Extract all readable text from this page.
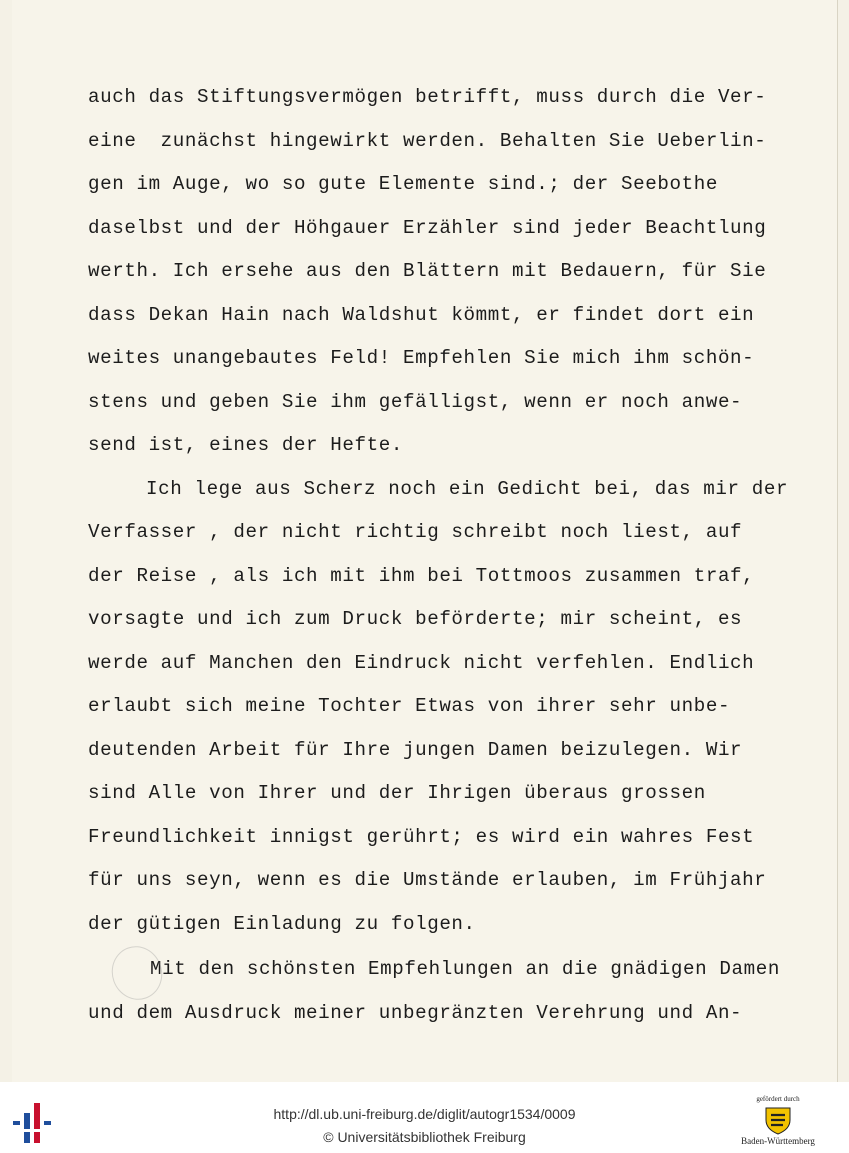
auch das Stiftungsvermögen betrifft, muss durch die Ver-
eine  zunächst hingewirkt werden. Behalten Sie Ueberlin-
gen im Auge, wo so gute Elemente sind.; der Seebothe
daselbst und der Höhgauer Erzähler sind jeder Beachtlung
werth. Ich ersehe aus den Blättern mit Bedauern, für Sie
dass Dekan Hain nach Waldshut kömmt, er findet dort ein
weites unangebautes Feld! Empfehlen Sie mich ihm schön-
stens und geben Sie ihm gefälligst, wenn er noch anwe-
send ist, eines der Hefte.
Ich lege aus Scherz noch ein Gedicht bei, das mir der
Verfasser , der nicht richtig schreibt noch liest, auf
der Reise , als ich mit ihm bei Tottmoos zusammen traf,
vorsagte und ich zum Druck beförderte; mir scheint, es
werde auf Manchen den Eindruck nicht verfehlen. Endlich
erlaubt sich meine Tochter Etwas von ihrer sehr unbe-
deutenden Arbeit für Ihre jungen Damen beizulegen. Wir
sind Alle von Ihrer und der Ihrigen überaus grossen
Freundlichkeit innigst gerührt; es wird ein wahres Fest
für uns seyn, wenn es die Umstände erlauben, im Frühjahr
der gütigen Einladung zu folgen.
Mit den schönsten Empfehlungen an die gnädigen Damen
und dem Ausdruck meiner unbegränzten Verehrung und An-
http://dl.ub.uni-freiburg.de/diglit/autogr1534/0009
© Universitätsbibliothek Freiburg
gefördert durch
Baden-Württemberg
